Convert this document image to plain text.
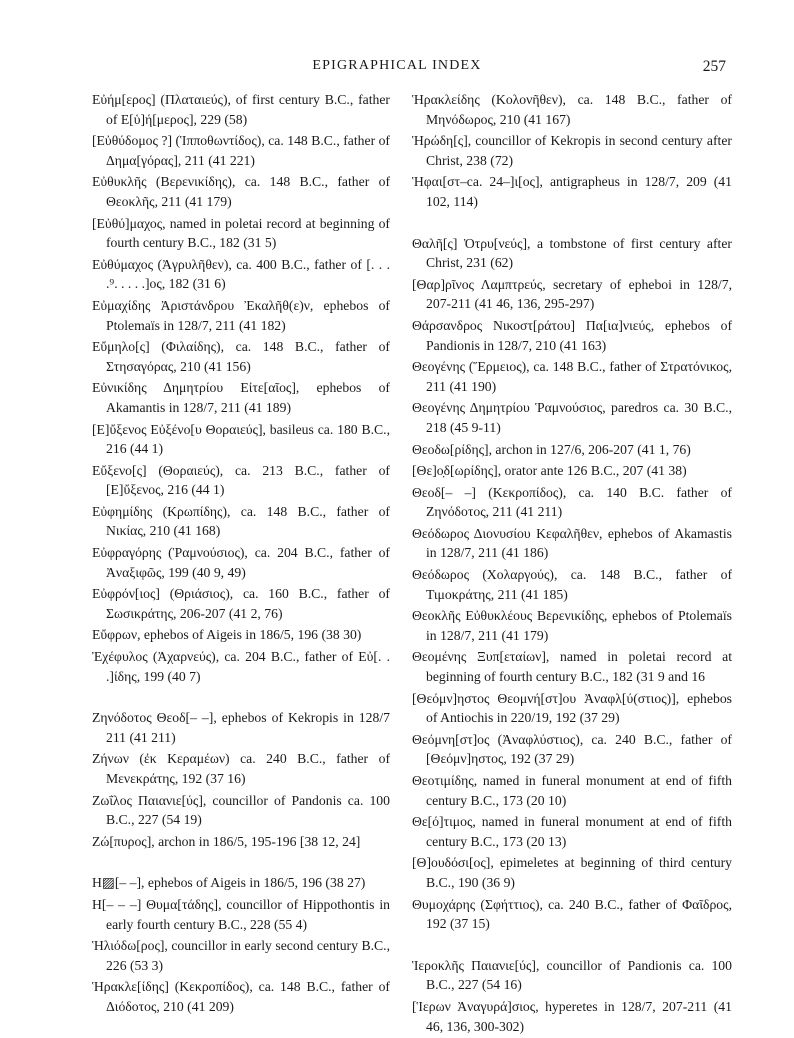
EPIGRAPHICAL INDEX	257

Εὐήμ[ερος] (Πλαταιεύς), of first century B.C., father of Ε[ὑ]ή[μερος], 229 (58)

[Εὐθύδομος ?] (Ἱπποθωντίδος), ca. 148 B.C., father of Δημα[γόρας], 211 (41 221)

Εὐθυκλῆς (Βερενικίδης), ca. 148 B.C., father of Θεοκλῆς, 211 (41 179)

[Εὐθύ]μαχος, named in poletai record at beginning of fourth century B.C., 182 (31 5)

Εὐθύμαχος (Ἀγρυλῆθεν), ca. 400 B.C., father of [. . . .⁹. . . . .]ος, 182 (31 6)

Εὐμαχίδης Ἀριστάνδρου Ἐκαλῆθ(ε)ν, ephebos of Ptolemaïs in 128/7, 211 (41 182)

Εὔμηλο[ς] (Φιλαίδης), ca. 148 B.C., father of Στησαγόρας, 210 (41 156)

Εὐνικίδης Δημητρίου Εἰτε[αῖος], ephebos of Akamantis in 128/7, 211 (41 189)

[Ε]ὔξενος Εὐξένο[υ Θοραιεύς], basileus ca. 180 B.C., 216 (44 1)

Εὔξενο[ς] (Θοραιεύς), ca. 213 B.C., father of [Ε]ὔξενος, 216 (44 1)

Εὐφημίδης (Κρωπίδης), ca. 148 B.C., father of Νικίας, 210 (41 168)

Εὐφραγόρης (Ῥαμνούσιος), ca. 204 B.C., father of Ἀναξιφῶς, 199 (40 9, 49)

Εὐφρόν[ιος] (Θριάσιος), ca. 160 B.C., father of Σωσικράτης, 206-207 (41 2, 76)

Εὔφρων, ephebos of Aigeis in 186/5, 196 (38 30)

Ἐχέφυλος (Ἀχαρνεύς), ca. 204 B.C., father of Εὐ[. . .]ίδης, 199 (40 7)

Ζηνόδοτος Θεοδ[– –], ephebos of Kekropis in 128/7 211 (41 211)

Ζήνων (ἐκ Κεραμέων) ca. 240 B.C., father of Μενεκράτης, 192 (37 16)

Ζωΐλος Παιανιε[ύς], councillor of Pandonis ca. 100 B.C., 227 (54 19)

Ζώ[πυρος], archon in 186/5, 195-196 [38 12, 24]

Η▨[– –], ephebos of Aigeis in 186/5, 196 (38 27)

Η[– – –] Θυμα[τάδης], councillor of Hippothontis in early fourth century B.C., 228 (55 4)

Ἡλιόδω[ρος], councillor in early second century B.C., 226 (53 3)

Ἡρακλε[ίδης] (Κεκροπίδος), ca. 148 B.C., father of Διόδοτος, 210 (41 209)

Ἡρακλείδης (Κολονῆθεν), ca. 148 B.C., father of Μηνόδωρος, 210 (41 167)

Ἡρώδη[ς], councillor of Kekropis in second century after Christ, 238 (72)

Ἡφαι[στ–ca. 24–]ι[ος], antigrapheus in 128/7, 209 (41 102, 114)

Θαλῆ[ς] Ὀτρυ[νεύς], a tombstone of first century after Christ, 231 (62)

[Θαρ]ρῖνος Λαμπτρεύς, secretary of epheboi in 128/7, 207-211 (41 46, 136, 295-297)

Θάρσανδρος Νικοστ[ράτου] Πα[ια]νιεύς, ephebos of Pandionis in 128/7, 210 (41 163)

Θεογένης (Ἕρμειος), ca. 148 B.C., father of Στρατόνικος, 211 (41 190)

Θεογένης Δημητρίου Ῥαμνούσιος, paredros ca. 30 B.C., 218 (45 9-11)

Θεοδω[ρίδης], archon in 127/6, 206-207 (41 1, 76)

[Θε]ο̣δ[ωρίδης], orator ante 126 B.C., 207 (41 38)

Θεοδ[– –] (Κεκροπίδος), ca. 140 B.C. father of Ζηνόδοτος, 211 (41 211)

Θεόδωρος Διονυσίου Κεφαλῆθεν, ephebos of Akamastis in 128/7, 211 (41 186)

Θεόδωρος (Χολαργούς), ca. 148 B.C., father of Τιμοκράτης, 211 (41 185)

Θεοκλῆς Εὐθυκλέους Βερενικίδης, ephebos of Ptolemaïs in 128/7, 211 (41 179)

Θεομένης Ξυπ[εταίων], named in poletai record at beginning of fourth century B.C., 182 (31 9 and 16

[Θεόμν]ηστος Θεομνή[στ]ου Ἀναφλ[ύ(στιος)], ephebos of Antiochis in 220/19, 192 (37 29)

Θεόμνη[στ]ος (Ἀναφλύστιος), ca. 240 B.C., father of [Θεόμν]ηστος, 192 (37 29)

Θεοτιμίδης, named in funeral monument at end of fifth century B.C., 173 (20 10)

Θε[ό]τιμος, named in funeral monument at end of fifth century B.C., 173 (20 13)

[Θ]ουδόσι[ος], epimeletes at beginning of third century B.C., 190 (36 9)

Θυμοχάρης (Σφήττιος), ca. 240 B.C., father of Φαῖδρος, 192 (37 15)

Ἱεροκλῆς Παιανιε[ύς], councillor of Pandionis ca. 100 B.C., 227 (54 16)

[Ἱερων Ἀναγυρά]σιος, hyperetes in 128/7, 207-211 (41 46, 136, 300-302)
